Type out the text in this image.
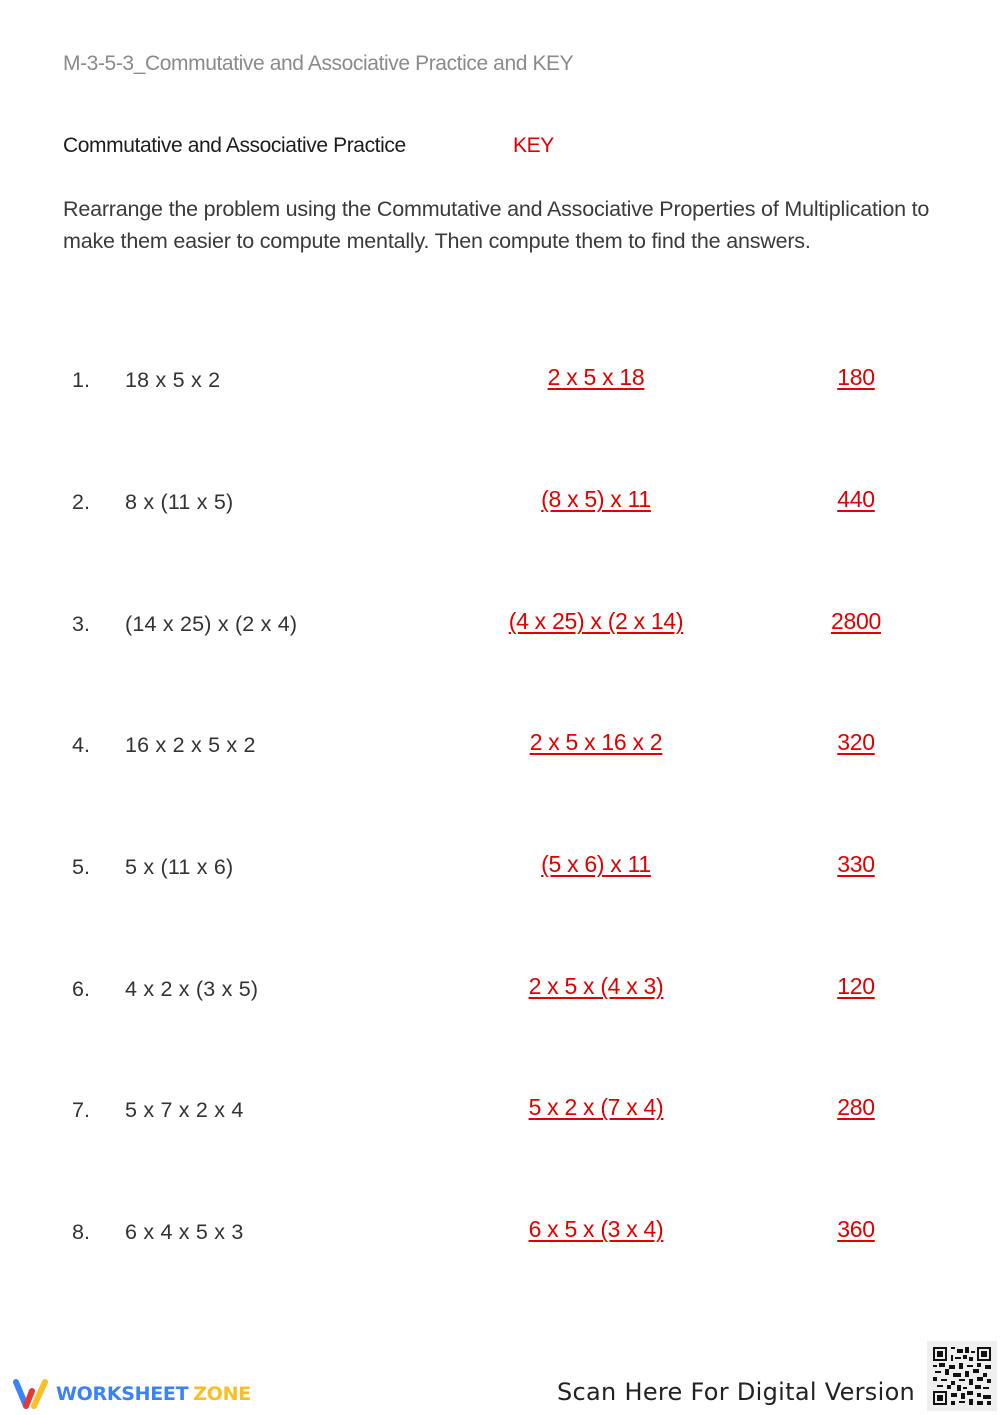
M-3-5-3_Commutative and Associative Practice and KEY
Commutative and Associative Practice	KEY
Rearrange the problem using the Commutative and Associative Properties of Multiplication to make them easier to compute mentally. Then compute them to find the answers.
1. 18 x 5 x 2	2 x 5 x 18	180
2. 8 x (11 x 5)	(8 x 5) x 11	440
3. (14 x 25) x (2 x 4)	(4 x 25) x (2 x 14)	2800
4. 16 x 2 x 5 x 2	2 x 5 x 16 x 2	320
5. 5 x (11 x 6)	(5 x 6) x 11	330
6. 4 x 2 x (3 x 5)	2 x 5 x (4 x 3)	120
7. 5 x 7 x 2 x 4	5 x 2 x (7 x 4)	280
8. 6 x 4 x 5 x 3	6 x 5 x (3 x 4)	360
WORKSHEET ZONE	Scan Here For Digital Version
